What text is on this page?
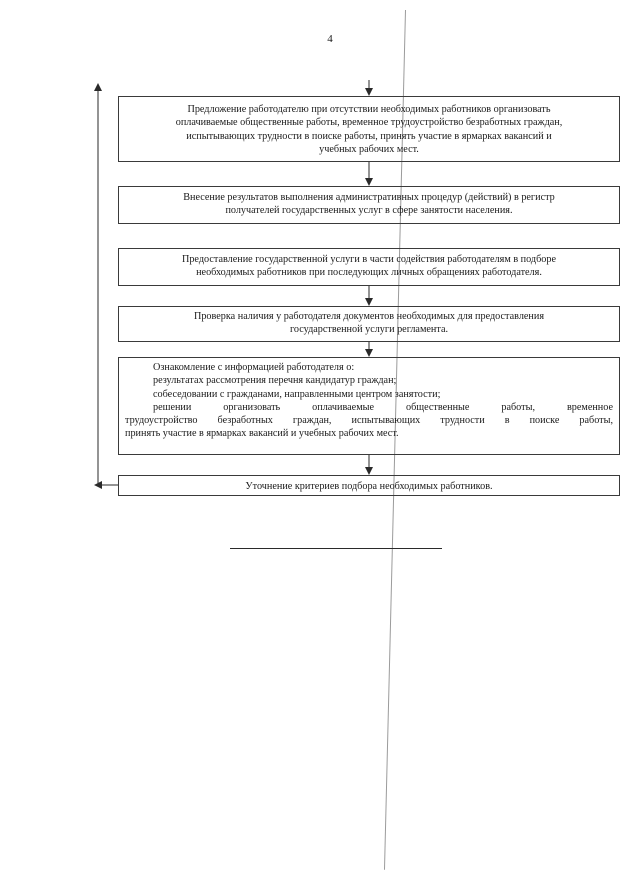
4
Предложение работодателю при отсутствии необходимых работников организовать
оплачиваемые общественные работы, временное трудоустройство безработных граждан,
испытывающих трудности в поиске работы, принять участие в ярмарках вакансий и
учебных рабочих мест.
Внесение результатов выполнения административных процедур (действий) в регистр
получателей государственных услуг в сфере занятости населения.
Предоставление государственной услуги в части содействия работодателям в подборе
необходимых работников при последующих личных обращениях работодателя.
Проверка наличия у работодателя документов необходимых для предоставления
государственной услуги регламента.
Ознакомление с информацией работодателя о:
результатах рассмотрения перечня кандидатур граждан;
собеседовании с гражданами, направленными центром занятости;
решении организовать оплачиваемые общественные работы, временное
трудоустройство безработных граждан, испытывающих трудности в поиске работы,
принять участие в ярмарках вакансий и учебных рабочих мест.
Уточнение критериев подбора необходимых работников.
